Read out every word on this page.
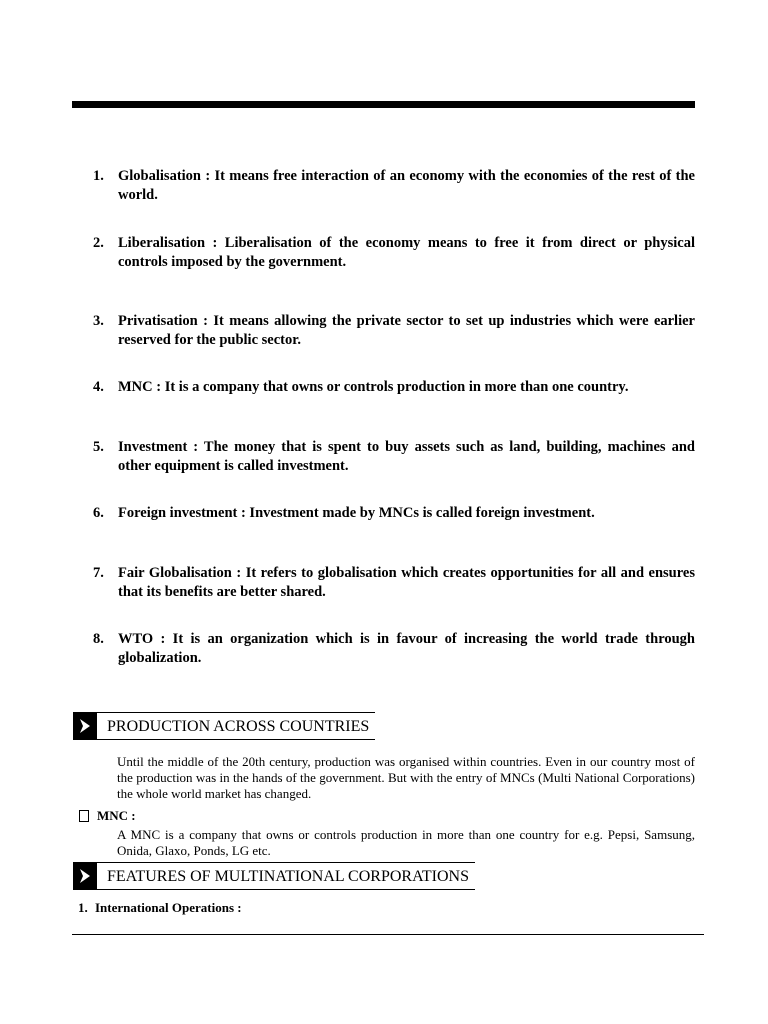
1. Globalisation : It means free interaction of an economy with the economies of the rest of the world.
2. Liberalisation : Liberalisation of the economy means to free it from direct or physical controls imposed by the government.
3. Privatisation : It means allowing the private sector to set up industries which were earlier reserved for the public sector.
4. MNC : It is a company that owns or controls production in more than one country.
5. Investment : The money that is spent to buy assets such as land, building, machines and other equipment is called investment.
6. Foreign investment : Investment made by MNCs is called foreign investment.
7. Fair Globalisation : It refers to globalisation which creates opportunities for all and ensures that its benefits are better shared.
8. WTO : It is an organization which is in favour of increasing the world trade through globalization.
PRODUCTION ACROSS COUNTRIES
Until the middle of the 20th century, production was organised within countries. Even in our country most of the production was in the hands of the government. But with the entry of MNCs (Multi National Corporations) the whole world market has changed.
MNC :
A MNC is a company that owns or controls production in more than one country for e.g. Pepsi, Samsung, Onida, Glaxo, Ponds, LG etc.
FEATURES OF MULTINATIONAL CORPORATIONS
1. International Operations :
